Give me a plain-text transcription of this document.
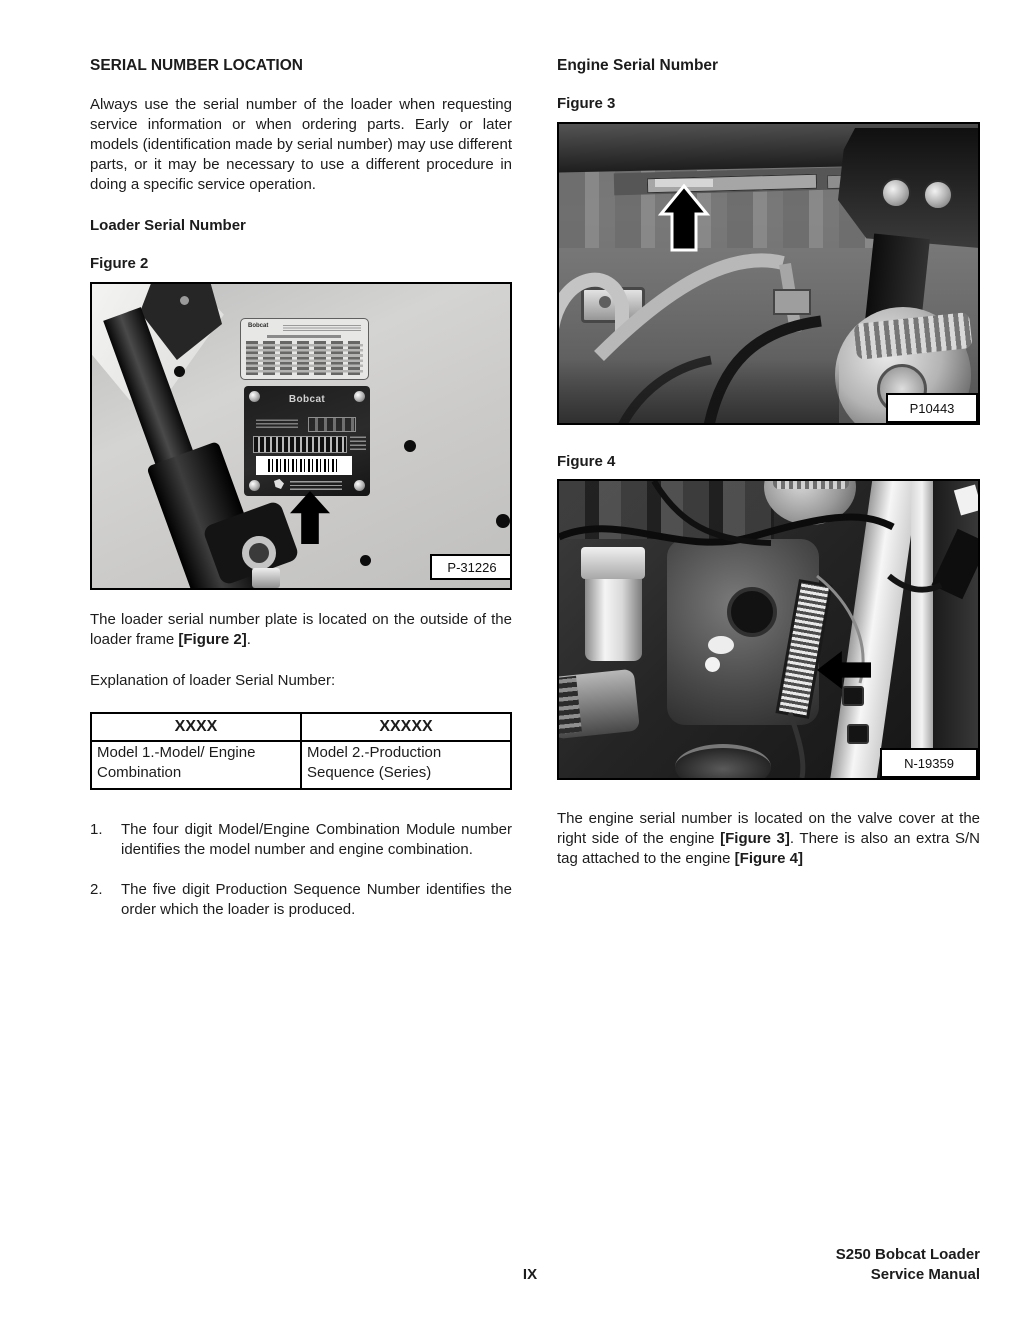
SERIAL NUMBER LOCATION

Always use the serial number of the loader when requesting service information or when ordering parts. Early or later models (identification made by serial number) may use different parts, or it may be necessary to use a different procedure in doing a specific service operation.

Loader Serial Number
Figure 2
Bobcat
Bobcat
P-31226

The loader serial number plate is located on the outside of the loader frame [Figure 2].

Explanation of loader Serial Number:

XXXX	XXXXX
Model 1.-Model/ Engine Combination	Model 2.-Production Sequence (Series)
1.	The four digit Model/Engine Combination Module number identifies the model number and engine combination.
2.	The five digit Production Sequence Number identifies the order which the loader is produced.
Engine Serial Number
Figure 3
P10443
Figure 4
N-19359

The engine serial number is located on the valve cover at the right side of the engine [Figure 3]. There is also an extra S/N tag attached to the engine [Figure 4]

IX
S250 Bobcat Loader
Service Manual
